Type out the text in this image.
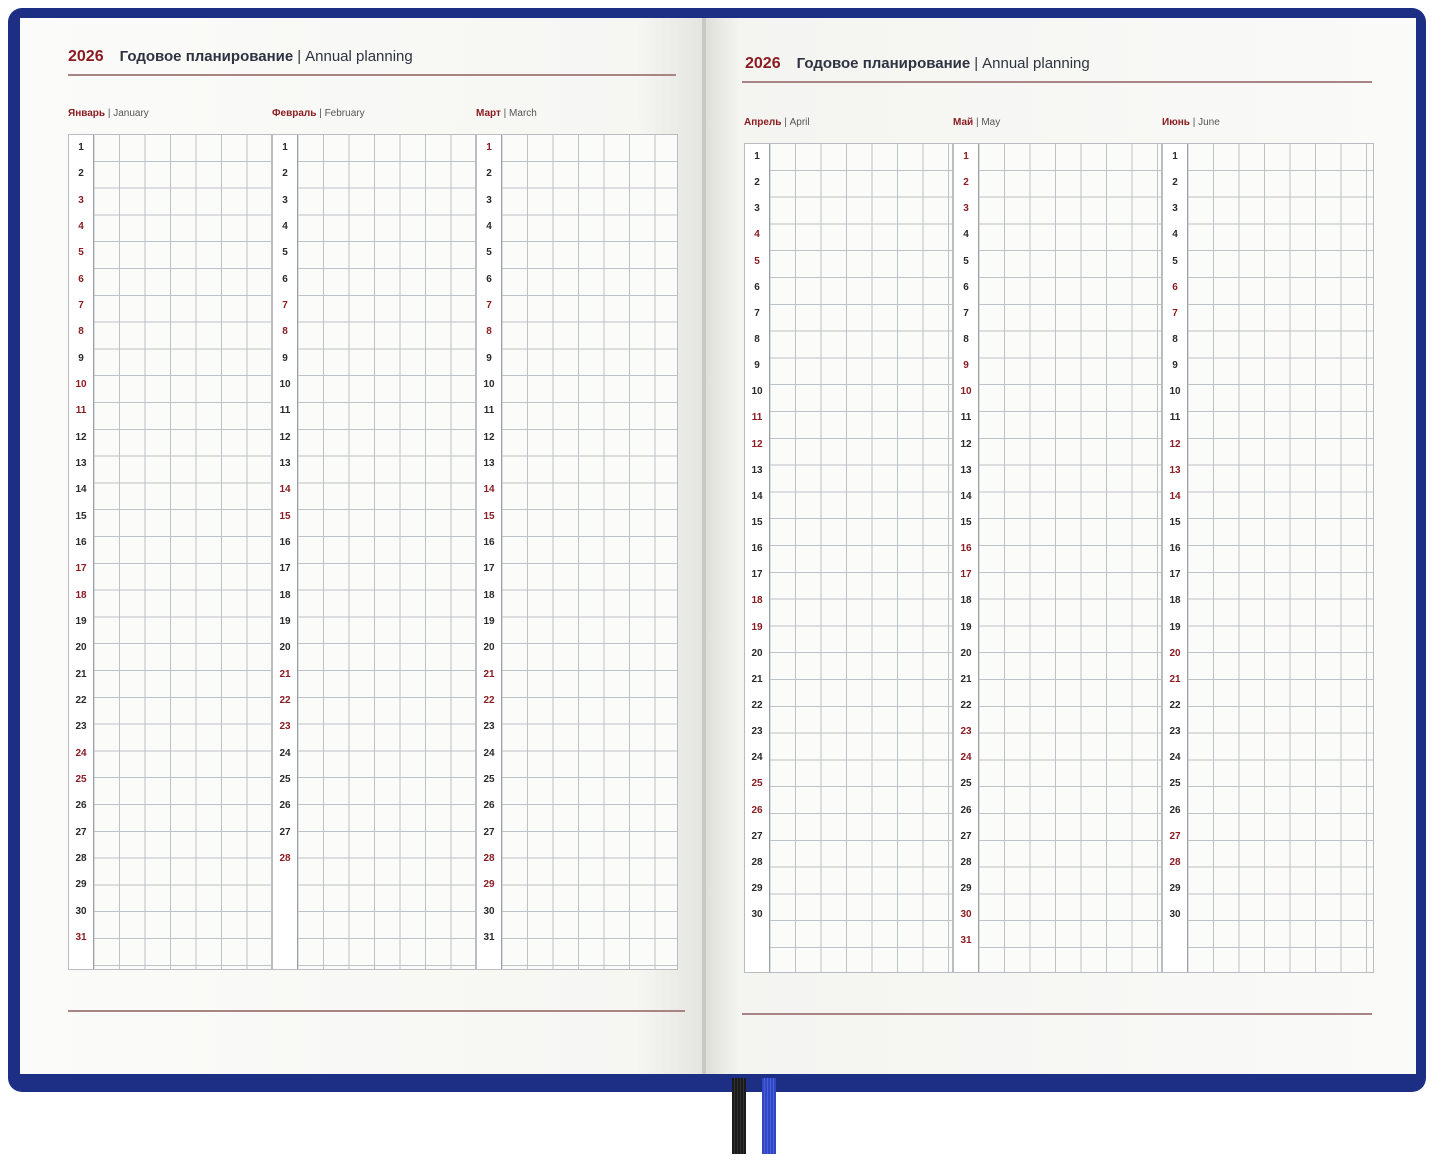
2026 Годовое планирование | Annual planning	2026 Годовое планирование | Annual planning
Январь | January
1
2
3
4
5
6
7
8
9
10
11
12
13
14
15
16
17
18
19
20
21
22
23
24
25
26
27
28
29
30
31
Февраль | February
1
2
3
4
5
6
7
8
9
10
11
12
13
14
15
16
17
18
19
20
21
22
23
24
25
26
27
28
Март | March
1
2
3
4
5
6
7
8
9
10
11
12
13
14
15
16
17
18
19
20
21
22
23
24
25
26
27
28
29
30
31
Апрель | April
1
2
3
4
5
6
7
8
9
10
11
12
13
14
15
16
17
18
19
20
21
22
23
24
25
26
27
28
29
30
Май | May
1
2
3
4
5
6
7
8
9
10
11
12
13
14
15
16
17
18
19
20
21
22
23
24
25
26
27
28
29
30
31
Июнь | June
1
2
3
4
5
6
7
8
9
10
11
12
13
14
15
16
17
18
19
20
21
22
23
24
25
26
27
28
29
30
